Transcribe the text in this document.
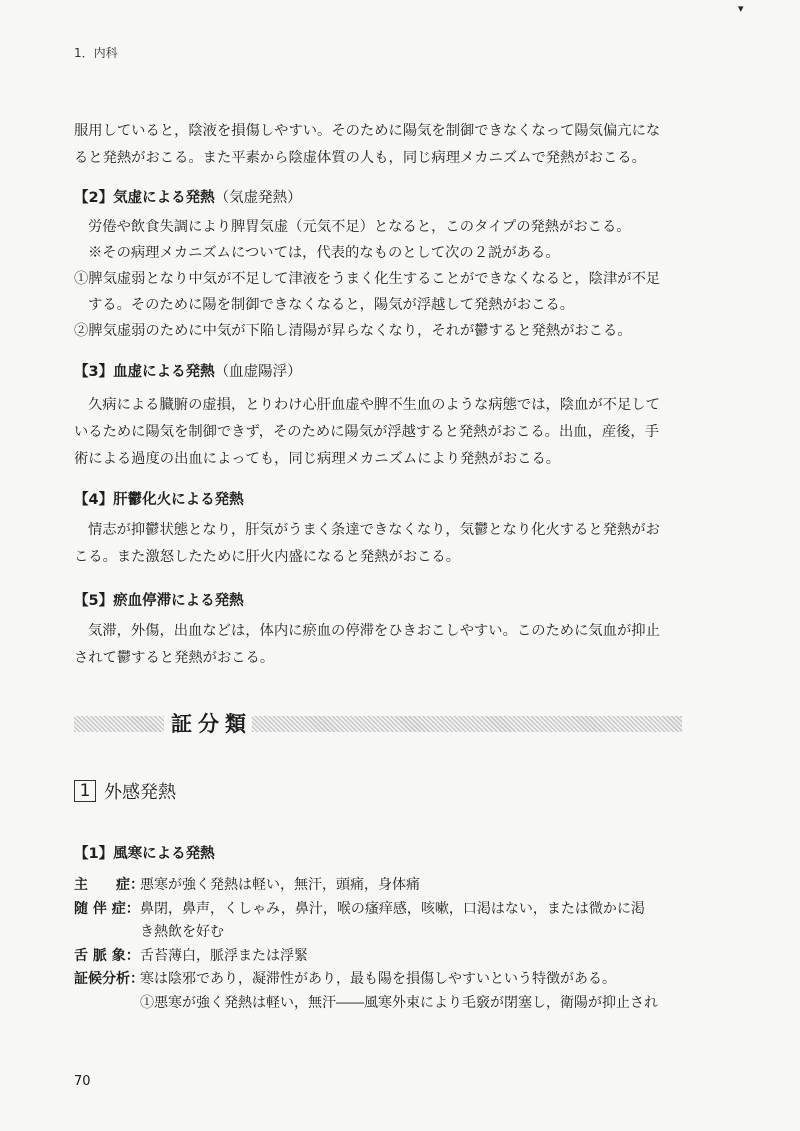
▾
1．内科

服用していると，陰液を損傷しやすい。そのために陽気を制御できなくなって陽気偏亢にな

ると発熱がおこる。また平素から陰虚体質の人も，同じ病理メカニズムで発熱がおこる。

【2】気虚による発熱（気虚発熱）

労倦や飲食失調により脾胃気虚（元気不足）となると，このタイプの発熱がおこる。

※その病理メカニズムについては，代表的なものとして次の２説がある。

①脾気虚弱となり中気が不足して津液をうまく化生することができなくなると，陰津が不足

する。そのために陽を制御できなくなると，陽気が浮越して発熱がおこる。

②脾気虚弱のために中気が下陥し清陽が昇らなくなり，それが鬱すると発熱がおこる。

【3】血虚による発熱（血虚陽浮）

久病による臓腑の虚損，とりわけ心肝血虚や脾不生血のような病態では，陰血が不足して

いるために陽気を制御できず，そのために陽気が浮越すると発熱がおこる。出血，産後，手

術による過度の出血によっても，同じ病理メカニズムにより発熱がおこる。

【4】肝鬱化火による発熱

情志が抑鬱状態となり，肝気がうまく条達できなくなり，気鬱となり化火すると発熱がお

こる。また激怒したために肝火内盛になると発熱がおこる。

【5】瘀血停滞による発熱

気滞，外傷，出血などは，体内に瘀血の停滞をひきおこしやすい。このために気血が抑止

されて鬱すると発熱がおこる。

証分類
1 外感発熱
【1】風寒による発熱
主　　症：
悪寒が強く発熱は軽い，無汗，頭痛，身体痛
随 伴 症： 鼻閉，鼻声，くしゃみ，鼻汁，喉の瘙痒感，咳嗽，口渇はない，または微かに渇
き熱飲を好む
舌 脈 象： 舌苔薄白，脈浮または浮緊
証候分析：
寒は陰邪であり，凝滞性があり，最も陽を損傷しやすいという特徴がある。
①悪寒が強く発熱は軽い，無汗――風寒外束により毛竅が閉塞し，衛陽が抑止され
70
